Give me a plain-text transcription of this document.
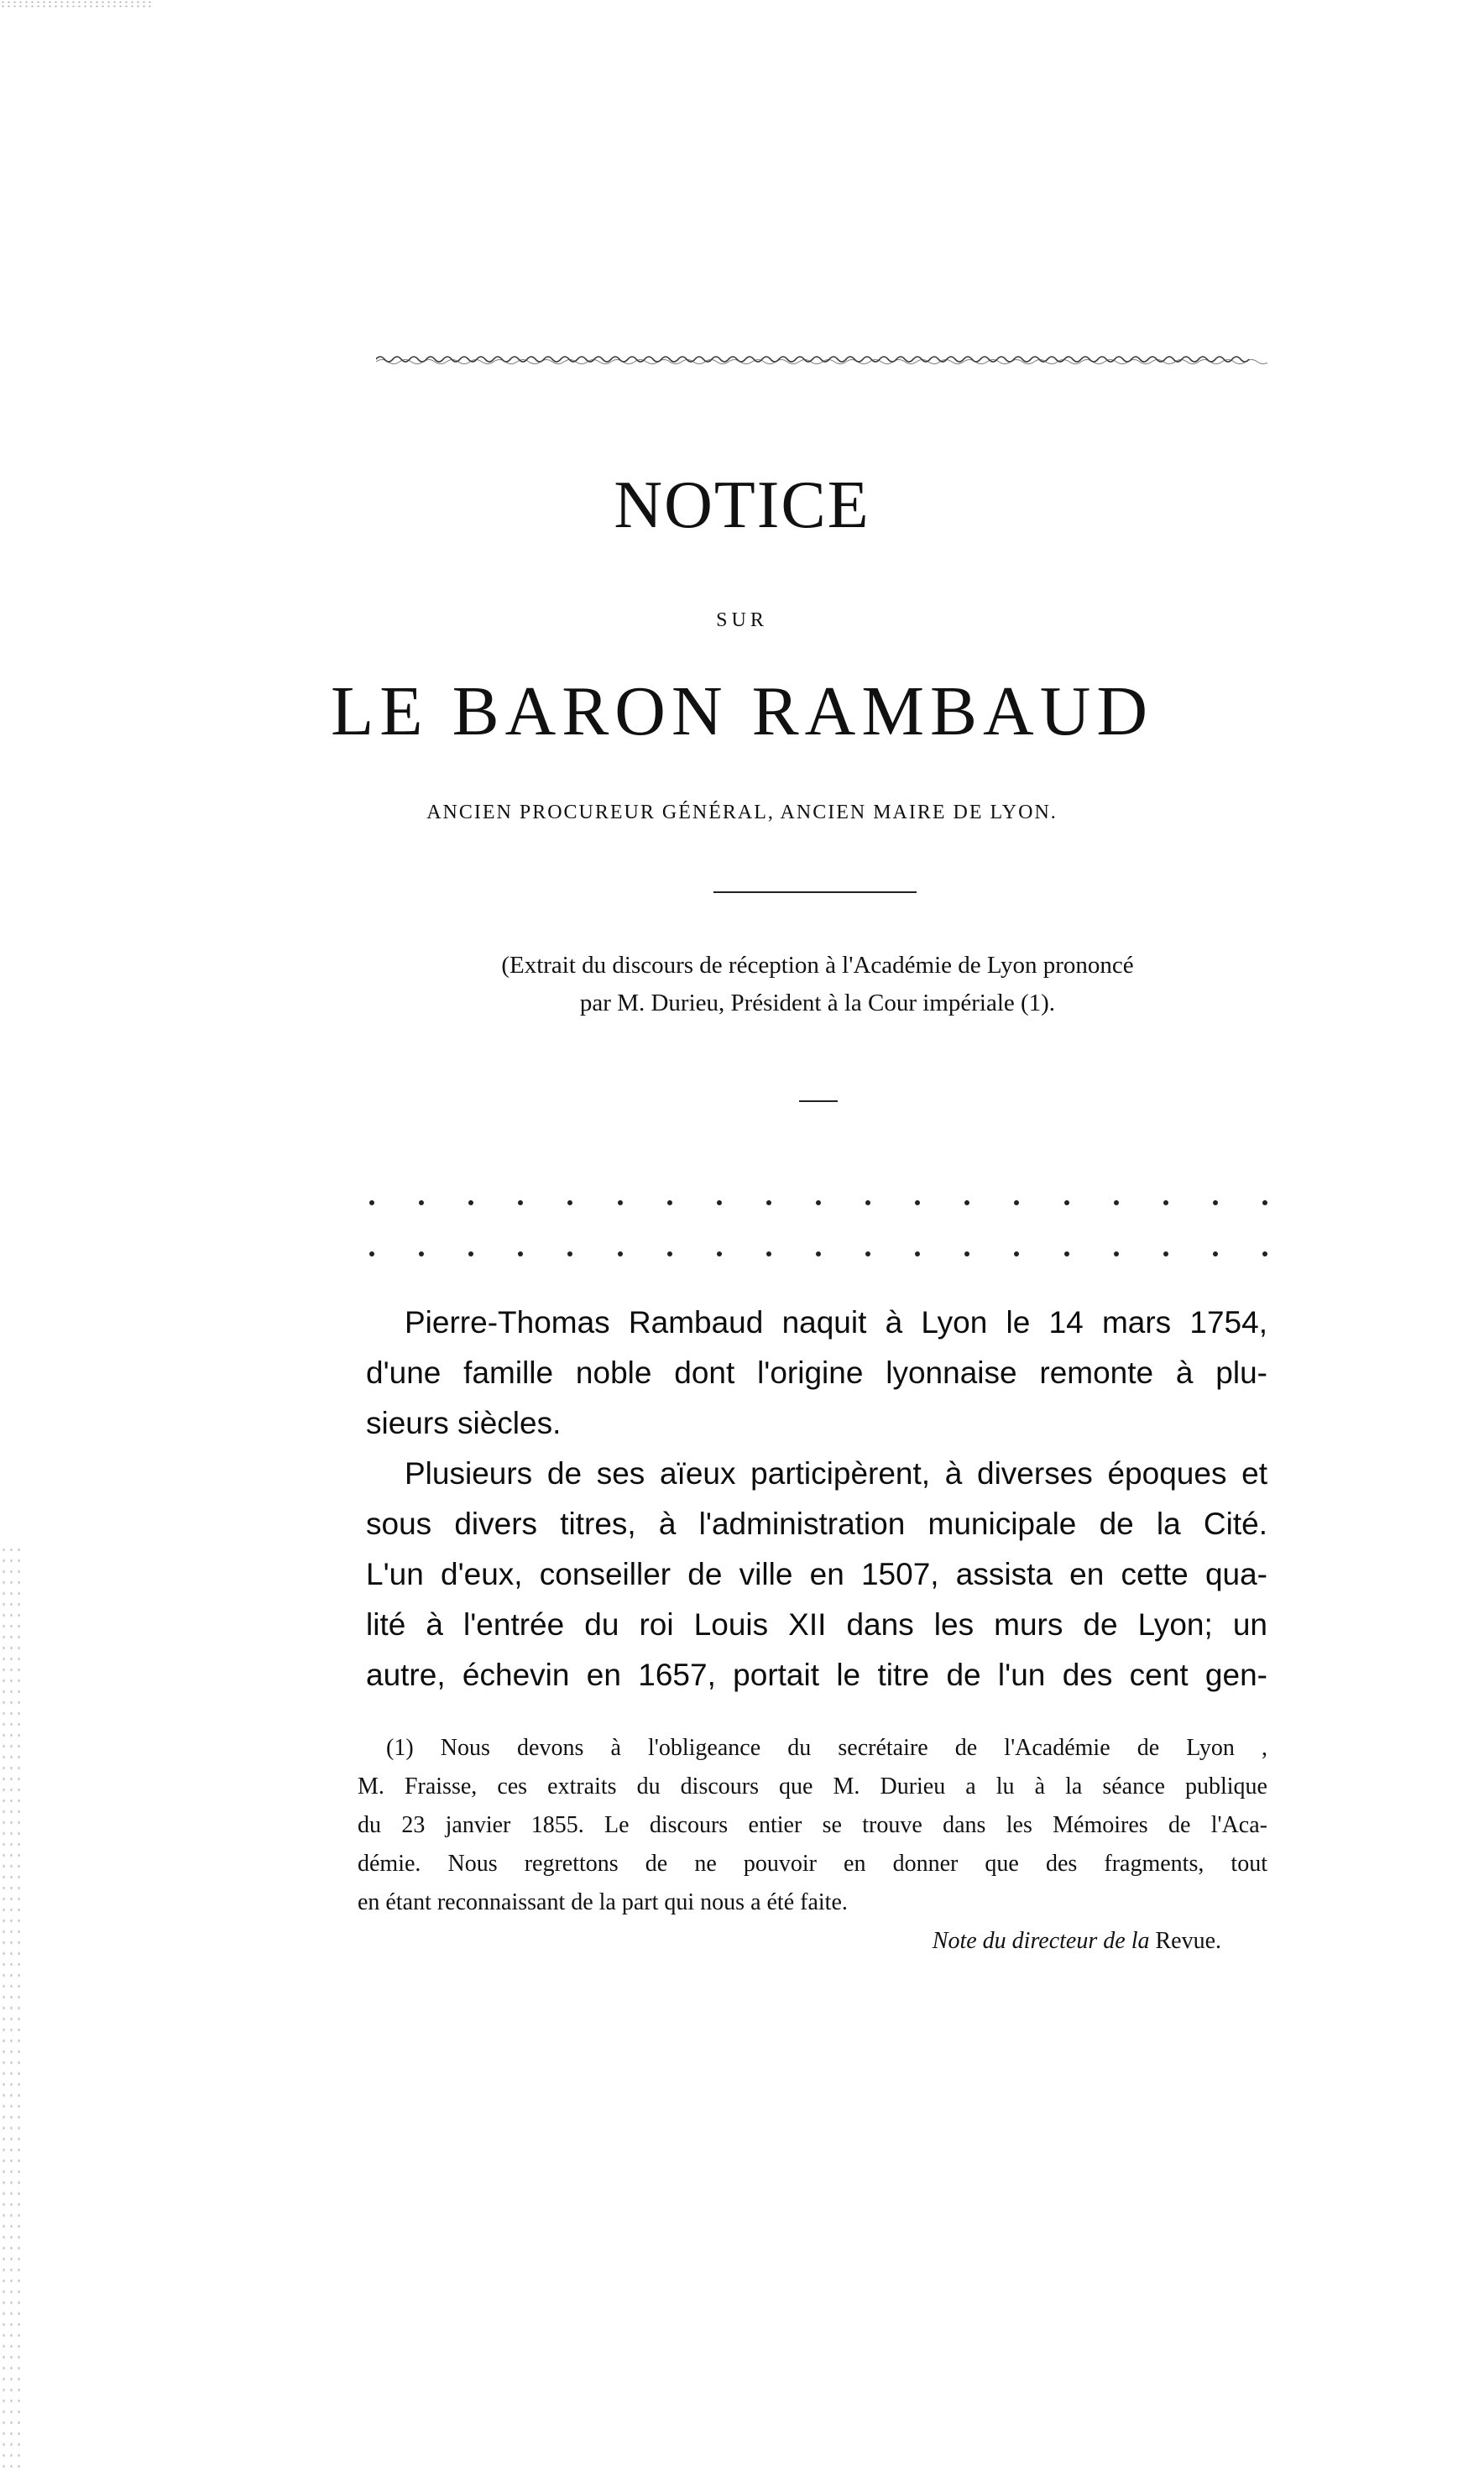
NOTICE
SUR
LE BARON RAMBAUD
ANCIEN PROCUREUR GÉNÉRAL, ANCIEN MAIRE DE LYON.
(Extrait du discours de réception à l'Académie de Lyon prononcé
par M. Durieu, Président à la Cour impériale (1).
Pierre-Thomas Rambaud naquit à Lyon le 14 mars 1754,
d'une famille noble dont l'origine lyonnaise remonte à plu-
sieurs siècles.
Plusieurs de ses aïeux participèrent, à diverses époques et
sous divers titres, à l'administration municipale de la Cité.
L'un d'eux, conseiller de ville en 1507, assista en cette qua-
lité à l'entrée du roi Louis XII dans les murs de Lyon; un
autre, échevin en 1657, portait le titre de l'un des cent gen-
(1) Nous devons à l'obligeance du secrétaire de l'Académie de Lyon ,
M. Fraisse, ces extraits du discours que M. Durieu a lu à la séance publique
du 23 janvier 1855. Le discours entier se trouve dans les Mémoires de l'Aca-
démie. Nous regrettons de ne pouvoir en donner que des fragments, tout
en étant reconnaissant de la part qui nous a été faite.
Note du directeur de la Revue.
